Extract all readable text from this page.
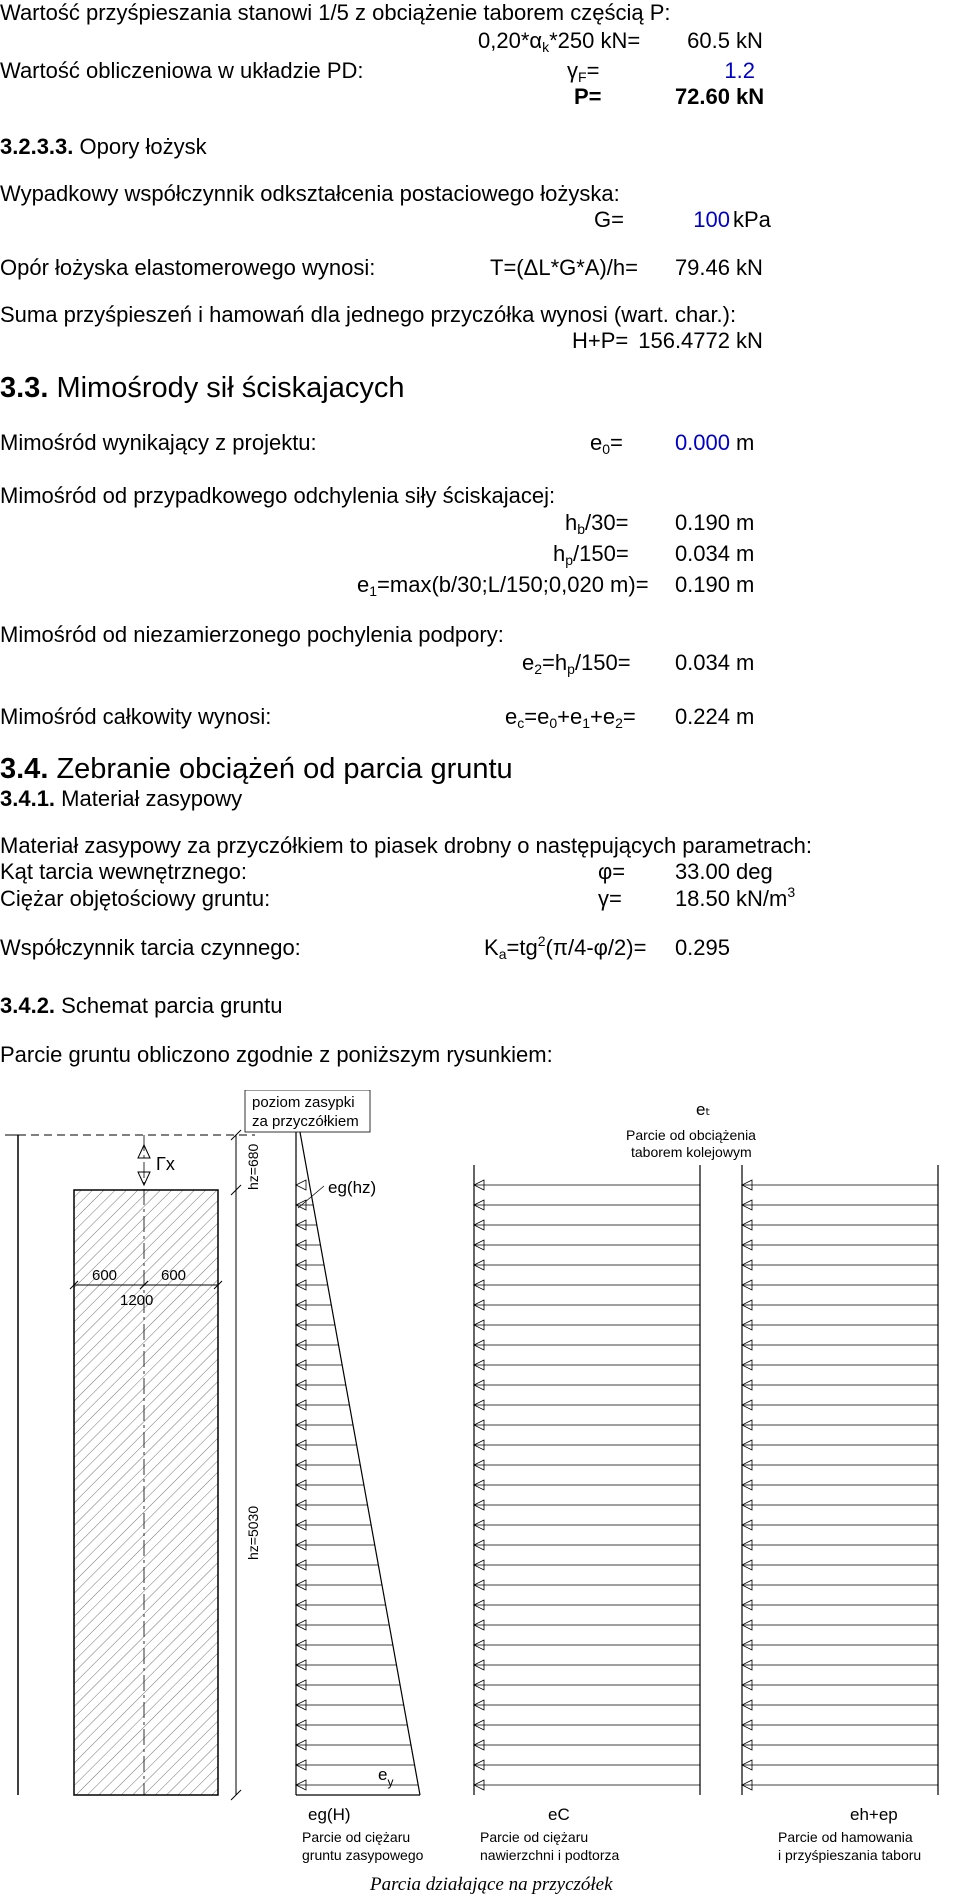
Wartość przyśpieszania stanowi 1/5 z obciążenie taborem częścią P:
$0,20*\alpha_k*250$ kN=	60.5 kN
Wartość obliczeniowa w układzie PD:	$\gamma_F=$	1.2
P=	72.60 kN
3.2.3.3. Opory łożysk
Wypadkowy współczynnik odkształcenia postaciowego łożyska:
G=	100 kPa
Opór łożyska elastomerowego wynosi:	T=(ΔL*G*A)/h=	79.46 kN
Suma przyśpieszeń i hamowań dla jednego przyczółka wynosi (wart. char.):
H+P= 156.4772 kN
3.3. Mimośrody sił ściskajacych
Mimośród wynikający z projektu:	$e_0=$	0.000 m
Mimośród od przypadkowego odchylenia siły ściskajacej:
$h_b/30=$	0.190 m
$h_p/150=$	0.034 m
$e_1=\max(b/30;L/150;0,020$ m)=	0.190 m
Mimośród od niezamierzonego pochylenia podpory:
$e_2=h_p/150=$	0.034 m
Mimośród całkowity wynosi:	$e_c=e_0+e_1+e_2=$	0.224 m
3.4. Zebranie obciążeń od parcia gruntu
3.4.1. Materiał zasypowy
Materiał zasypowy za przyczółkiem to piasek drobny o następujących parametrach:
Kąt tarcia wewnętrznego:	φ=	33.00 deg
Ciężar objętościowy gruntu:	γ=	18.50 $kN/m^3$
Współczynnik tarcia czynnego:	$K_a=tg^2(\pi/4-\varphi/2)=$	0.295
3.4.2. Schemat parcia gruntu
Parcie gruntu obliczono zgodnie z poniższym rysunkiem:
Γx
600	600
1200
hz=680
hz=5030
poziom zasypki
za przyczółkiem
eg(hz)
$e_y$
eg(H)
Parcie od ciężaru
gruntu zasypowego
eₜ
Parcie od obciążenia
taborem kolejowym
eC
Parcie od ciężaru
nawierzchni i podtorza
eh+ep
Parcie od hamowania
i przyśpieszania taboru
Parcia działające na przyczółek
